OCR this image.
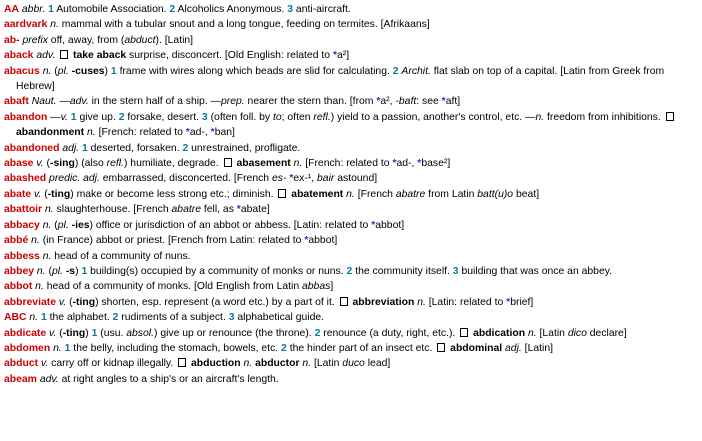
AA abbr. 1 Automobile Association. 2 Alcoholics Anonymous. 3 anti-aircraft.

aardvark n. mammal with a tubular snout and a long tongue, feeding on termites. [Afrikaans]

ab- prefix off, away, from (abduct). [Latin]

aback adv. take aback surprise, disconcert. [Old English: related to *a²]

abacus n. (pl. -cuses) 1 frame with wires along which beads are slid for calculating. 2 Archit. flat slab on top of a capital. [Latin from Greek from Hebrew]

abaft Naut. —adv. in the stern half of a ship. —prep. nearer the stern than. [from *a², -baft: see *aft]

abandon —v. 1 give up. 2 forsake, desert. 3 (often foll. by to; often refl.) yield to a passion, another's control, etc. —n. freedom from inhibitions.  abandonment n. [French: related to *ad-, *ban]

abandoned adj. 1 deserted, forsaken. 2 unrestrained, profligate.

abase v. (-sing) (also refl.) humiliate, degrade.  abasement n. [French: related to *ad-, *base²]

abashed predic. adj. embarrassed, disconcerted. [French es- *ex-¹, bair astound]

abate v. (-ting) make or become less strong etc.; diminish.  abatement n. [French abatre from Latin batt(u)o beat]

abattoir n. slaughterhouse. [French abatre fell, as *abate]

abbacy n. (pl. -ies) office or jurisdiction of an abbot or abbess. [Latin: related to *abbot]

abbé n. (in France) abbot or priest. [French from Latin: related to *abbot]

abbess n. head of a community of nuns.

abbey n. (pl. -s) 1 building(s) occupied by a community of monks or nuns. 2 the community itself. 3 building that was once an abbey.

abbot n. head of a community of monks. [Old English from Latin abbas]

abbreviate v. (-ting) shorten, esp. represent (a word etc.) by a part of it.  abbreviation n. [Latin: related to *brief]

ABC n. 1 the alphabet. 2 rudiments of a subject. 3 alphabetical guide.

abdicate v. (-ting) 1 (usu. absol.) give up or renounce (the throne). 2 renounce (a duty, right, etc.).  abdication n. [Latin dico declare]

abdomen n. 1 the belly, including the stomach, bowels, etc. 2 the hinder part of an insect etc.  abdominal adj. [Latin]

abduct v. carry off or kidnap illegally.  abduction n. abductor n. [Latin duco lead]

abeam adv. at right angles to a ship's or an aircraft's length.
